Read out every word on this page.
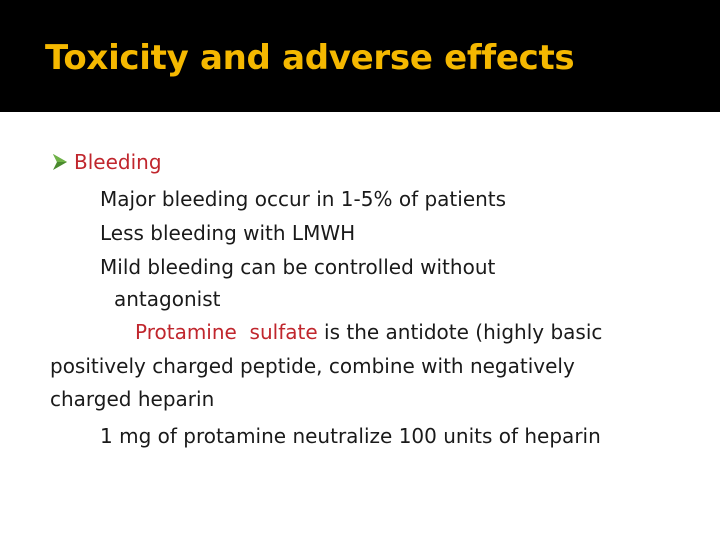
Toxicity and adverse effects
Bleeding
Major bleeding occur in 1-5% of patients
Less bleeding with LMWH
Mild bleeding can be controlled without
antagonist
Protamine  sulfate is the antidote (highly basic
positively charged peptide, combine with negatively
charged heparin
1 mg of protamine neutralize 100 units of heparin
